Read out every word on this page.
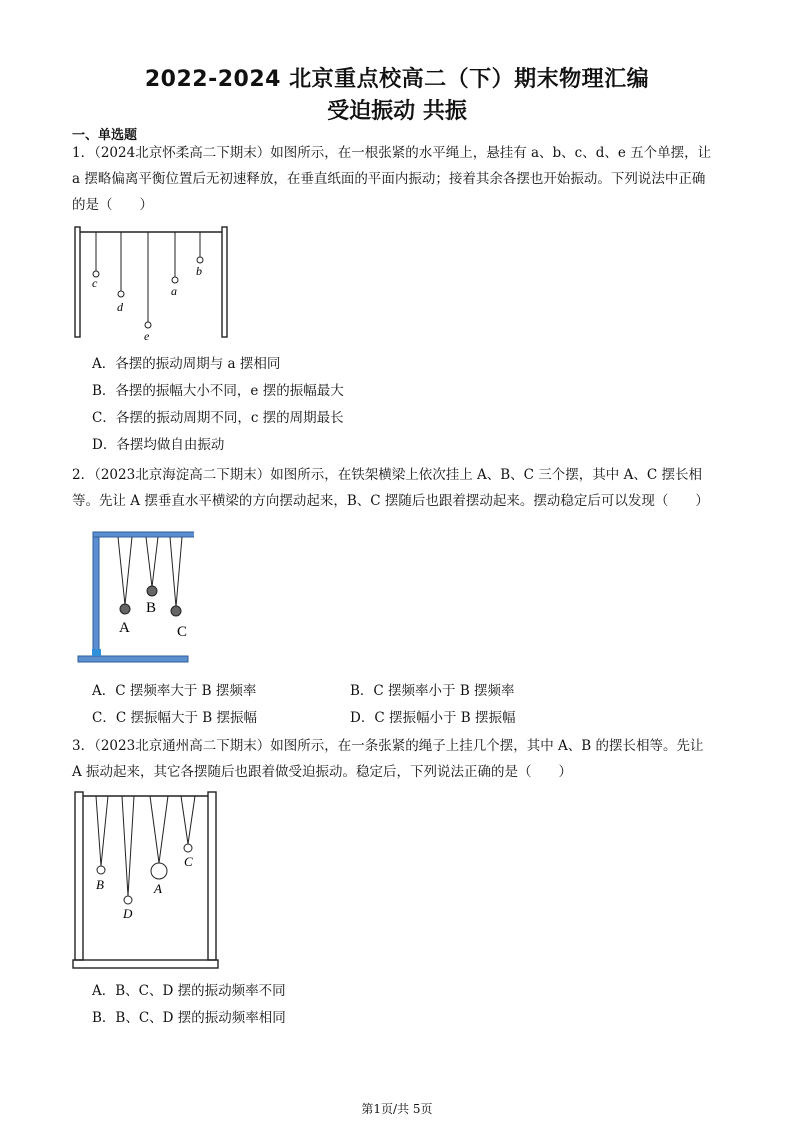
2022-2024 北京重点校高二（下）期末物理汇编
受迫振动 共振
一、单选题
1．（2024北京怀柔高二下期末）如图所示，在一根张紧的水平绳上，悬挂有 a、b、c、d、e 五个单摆，让
a 摆略偏离平衡位置后无初速释放，在垂直纸面的平面内振动；接着其余各摆也开始振动。下列说法中正确
的是（　　）
c
d
e
a
b
A．各摆的振动周期与 a 摆相同
B．各摆的振幅大小不同，e 摆的振幅最大
C．各摆的振动周期不同，c 摆的周期最长
D．各摆均做自由振动
2．（2023北京海淀高二下期末）如图所示，在铁架横梁上依次挂上 A、B、C 三个摆，其中 A、C 摆长相
等。先让 A 摆垂直水平横梁的方向摆动起来，B、C 摆随后也跟着摆动起来。摆动稳定后可以发现（　　）
A
B
C
A．C 摆频率大于 B 摆频率	B．C 摆频率小于 B 摆频率
C．C 摆振幅大于 B 摆振幅	D．C 摆振幅小于 B 摆振幅
3．（2023北京通州高二下期末）如图所示，在一条张紧的绳子上挂几个摆，其中 A、B 的摆长相等。先让
A 振动起来，其它各摆随后也跟着做受迫振动。稳定后，下列说法正确的是（　　）
B
D
A
C
A．B、C、D 摆的振动频率不同
B．B、C、D 摆的振动频率相同
第1页/共 5页
